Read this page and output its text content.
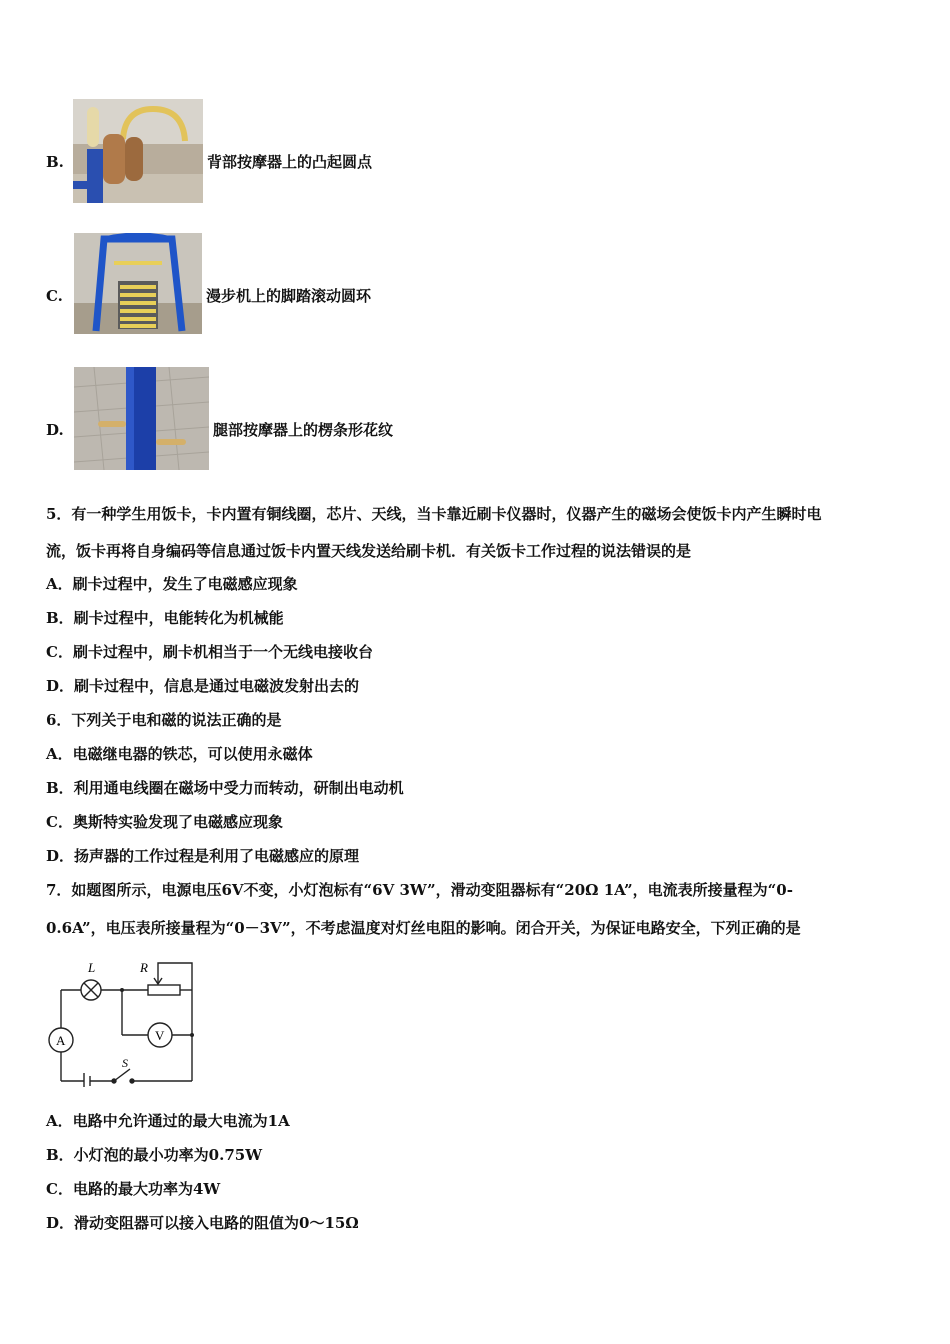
B.	背部按摩器上的凸起圆点
C.	漫步机上的脚踏滚动圆环
D.	腿部按摩器上的楞条形花纹
5．有一种学生用饭卡，卡内置有铜线圈，芯片、天线，当卡靠近刷卡仪器时，仪器产生的磁场会使饭卡内产生瞬时电
流，饭卡再将自身编码等信息通过饭卡内置天线发送给刷卡机．有关饭卡工作过程的说法错误的是
A．刷卡过程中，发生了电磁感应现象
B．刷卡过程中，电能转化为机械能
C．刷卡过程中，刷卡机相当于一个无线电接收台
D．刷卡过程中，信息是通过电磁波发射出去的
6．下列关于电和磁的说法正确的是
A．电磁继电器的铁芯，可以使用永磁体
B．利用通电线圈在磁场中受力而转动，研制出电动机
C．奥斯特实验发现了电磁感应现象
D．扬声器的工作过程是利用了电磁感应的原理
7．如题图所示，电源电压6V不变，小灯泡标有“6V 3W”，滑动变阻器标有“20Ω 1A”，电流表所接量程为“0-
0.6A”，电压表所接量程为“0－3V”，不考虑温度对灯丝电阻的影响。闭合开关，为保证电路安全，下列正确的是
L	R
A	V
S
A．电路中允许通过的最大电流为1A
B．小灯泡的最小功率为0.75W
C．电路的最大功率为4W
D．滑动变阻器可以接入电路的阻值为0～15Ω
